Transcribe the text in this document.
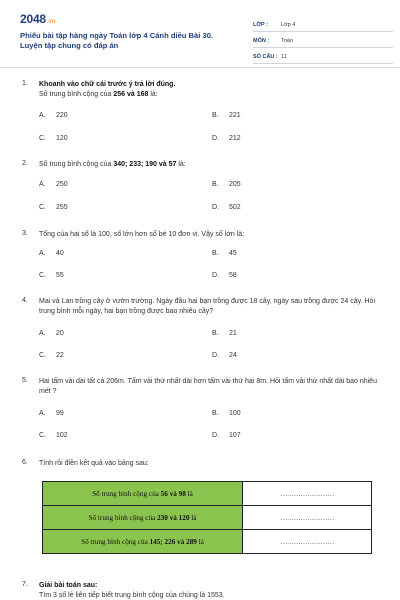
2048.vn
Phiếu bài tập hàng ngày Toán lớp 4 Cánh diều Bài 30.
Luyện tập chung có đáp án
LỚP :	Lớp 4
MÔN :	Toán
SỐ CÂU : 11
1. Khoanh vào chữ cái trước ý trả lời đúng.
Số trung bình cộng của 256 và 168 là:
A. 220	B. 221
C. 120	D. 212
2. Số trung bình cộng của 340; 233; 190 và 57 là:
A. 250	B. 205
C. 255	D. 502
3. Tổng của hai số là 100, số lớn hơn số bé 10 đơn vị. Vậy số lớn là:
A. 40	B. 45
C. 55	D. 58
4. Mai và Lan trồng cây ở vườn trường. Ngày đầu hai bạn trồng được 18 cây, ngày sau trồng được 24 cây. Hỏi trung bình mỗi ngày, hai bạn trồng được bao nhiêu cây?
A. 20	B. 21
C. 22	D. 24
5. Hai tấm vải dài tất cả 206m. Tấm vải thứ nhất dài hơn tấm vải thứ hai 8m. Hỏi tấm vải thứ nhất dài bao nhiêu mét ?
A. 99	B. 100
C. 102	D. 107
6. Tính rồi điền kết quả vào bảng sau:
Số trung bình cộng của 56 và 98 là	……………………
Số trung bình cộng của 230 và 120 là	……………………
Số trung bình cộng của 145; 226 và 289 là	……………………
7. Giải bài toán sau:
Tìm 3 số lẻ liên tiếp biết trung bình cộng của chúng là 1553.
